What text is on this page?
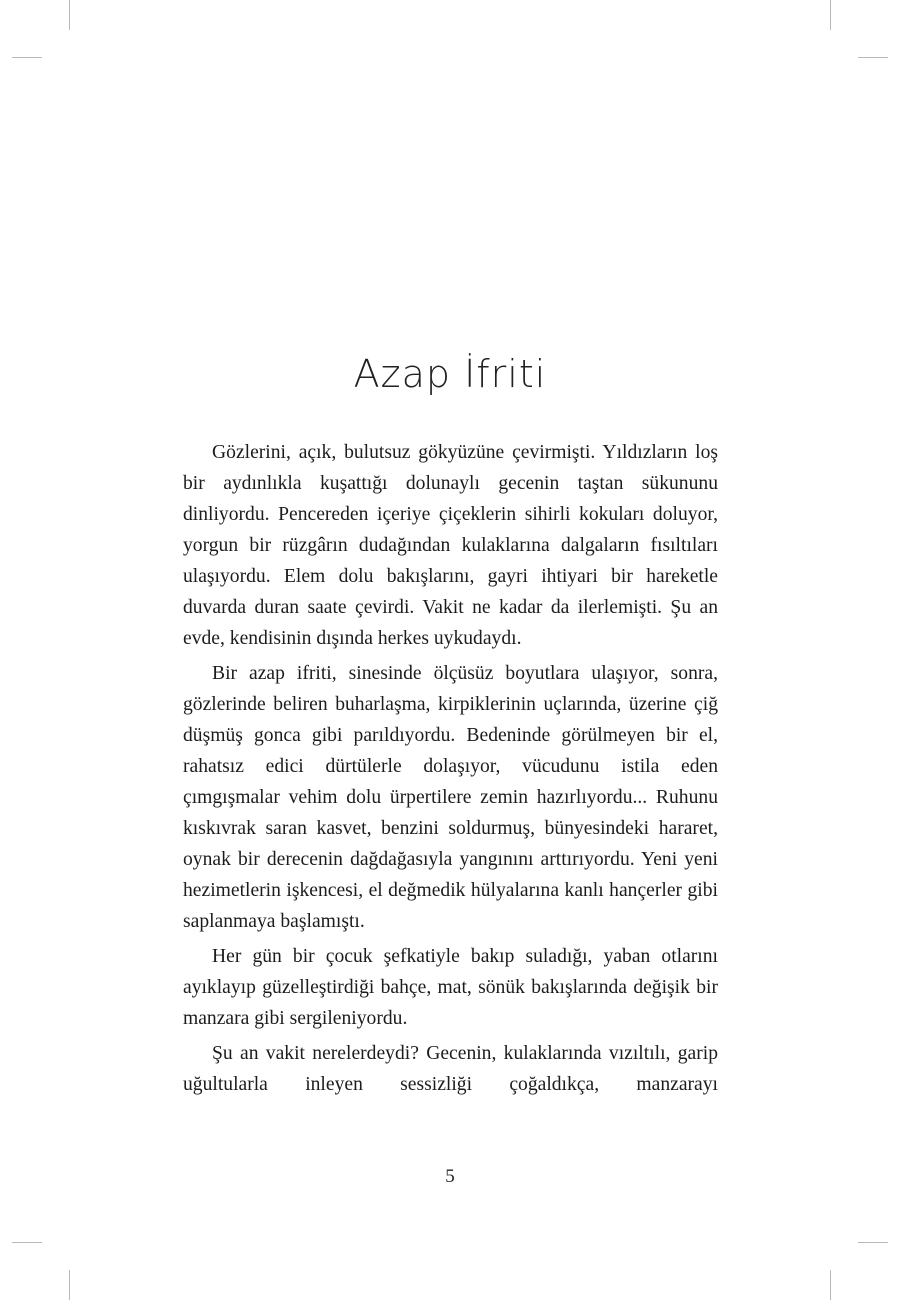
Azap İfriti

Gözlerini, açık, bulutsuz gökyüzüne çevirmişti. Yıldızların loş bir aydınlıkla kuşattığı dolunaylı gecenin taştan sükununu dinliyordu. Pencereden içeriye çiçeklerin sihirli kokuları doluyor, yorgun bir rüzgârın dudağından kulaklarına dalgaların fısıltıları ulaşıyordu. Elem dolu bakışlarını, gayri ihtiyari bir hareketle duvarda duran saate çevirdi. Vakit ne kadar da ilerlemişti. Şu an evde, kendisinin dışında herkes uykudaydı.

Bir azap ifriti, sinesinde ölçüsüz boyutlara ulaşıyor, sonra, gözlerinde beliren buharlaşma, kirpiklerinin uçlarında, üzerine çiğ düşmüş gonca gibi parıldıyordu. Bedeninde görülmeyen bir el, rahatsız edici dürtülerle dolaşıyor, vücudunu istila eden çımgışmalar vehim dolu ürpertilere zemin hazırlıyordu... Ruhunu kıskıvrak saran kasvet, benzini soldurmuş, bünyesindeki hararet, oynak bir derecenin dağdağasıyla yangınını arttırıyordu. Yeni yeni hezimetlerin işkencesi, el değmedik hülyalarına kanlı hançerler gibi saplanmaya başlamıştı.

Her gün bir çocuk şefkatiyle bakıp suladığı, yaban otlarını ayıklayıp güzelleştirdiği bahçe, mat, sönük bakışlarında değişik bir manzara gibi sergileniyordu.

Şu an vakit nerelerdeydi? Gecenin, kulaklarında vızıltılı, garip uğultularla inleyen sessizliği çoğaldıkça, manzarayı

5
